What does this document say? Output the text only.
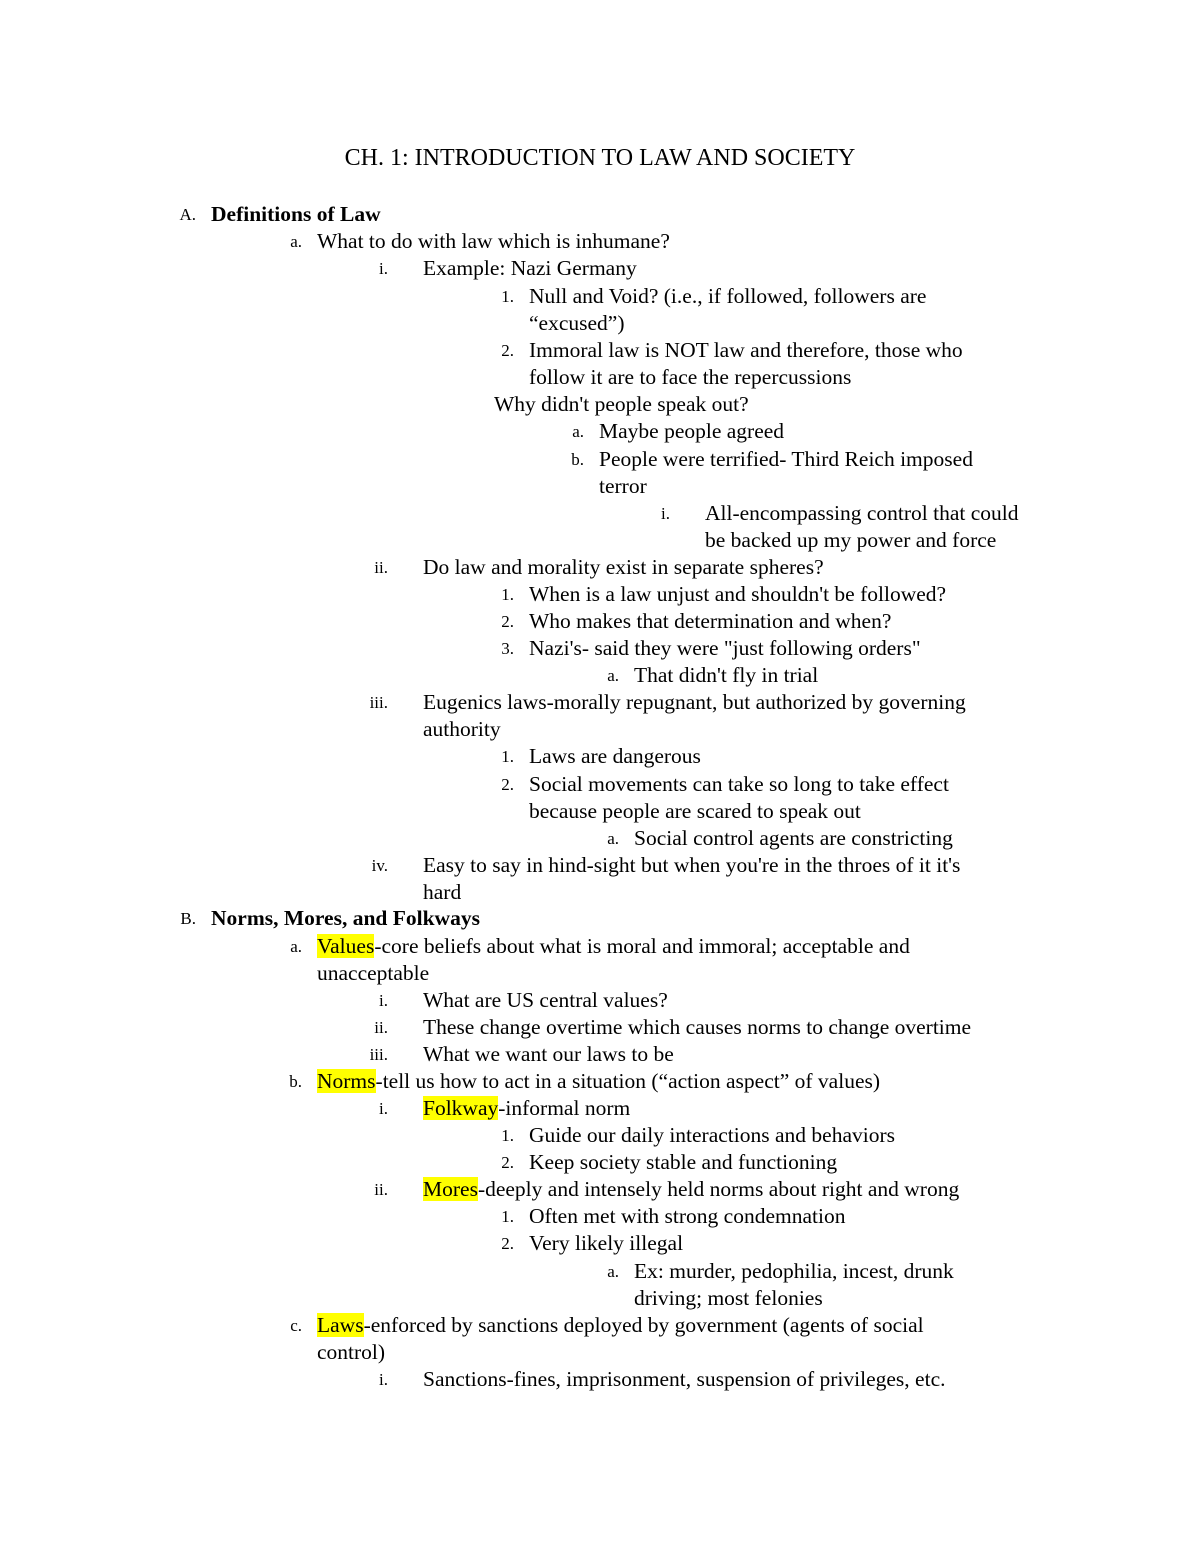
CH. 1: INTRODUCTION TO LAW AND SOCIETY
A. Definitions of Law
a. What to do with law which is inhumane?
i. Example: Nazi Germany
1. Null and Void? (i.e., if followed, followers are
“excused”)
2. Immoral law is NOT law and therefore, those who
follow it are to face the repercussions
Why didn't people speak out?
a. Maybe people agreed
b. People were terrified- Third Reich imposed
terror
i. All-encompassing control that could
be backed up my power and force
ii. Do law and morality exist in separate spheres?
1. When is a law unjust and shouldn't be followed?
2. Who makes that determination and when?
3. Nazi's- said they were "just following orders"
a. That didn't fly in trial
iii. Eugenics laws-morally repugnant, but authorized by governing
authority
1. Laws are dangerous
2. Social movements can take so long to take effect
because people are scared to speak out
a. Social control agents are constricting
iv. Easy to say in hind-sight but when you're in the throes of it it's
hard
B. Norms, Mores, and Folkways
a. Values-core beliefs about what is moral and immoral; acceptable and
unacceptable
i. What are US central values?
ii. These change overtime which causes norms to change overtime
iii. What we want our laws to be
b. Norms-tell us how to act in a situation (“action aspect” of values)
i. Folkway-informal norm
1. Guide our daily interactions and behaviors
2. Keep society stable and functioning
ii. Mores-deeply and intensely held norms about right and wrong
1. Often met with strong condemnation
2. Very likely illegal
a. Ex: murder, pedophilia, incest, drunk
driving; most felonies
c. Laws-enforced by sanctions deployed by government (agents of social
control)
i. Sanctions-fines, imprisonment, suspension of privileges, etc.
